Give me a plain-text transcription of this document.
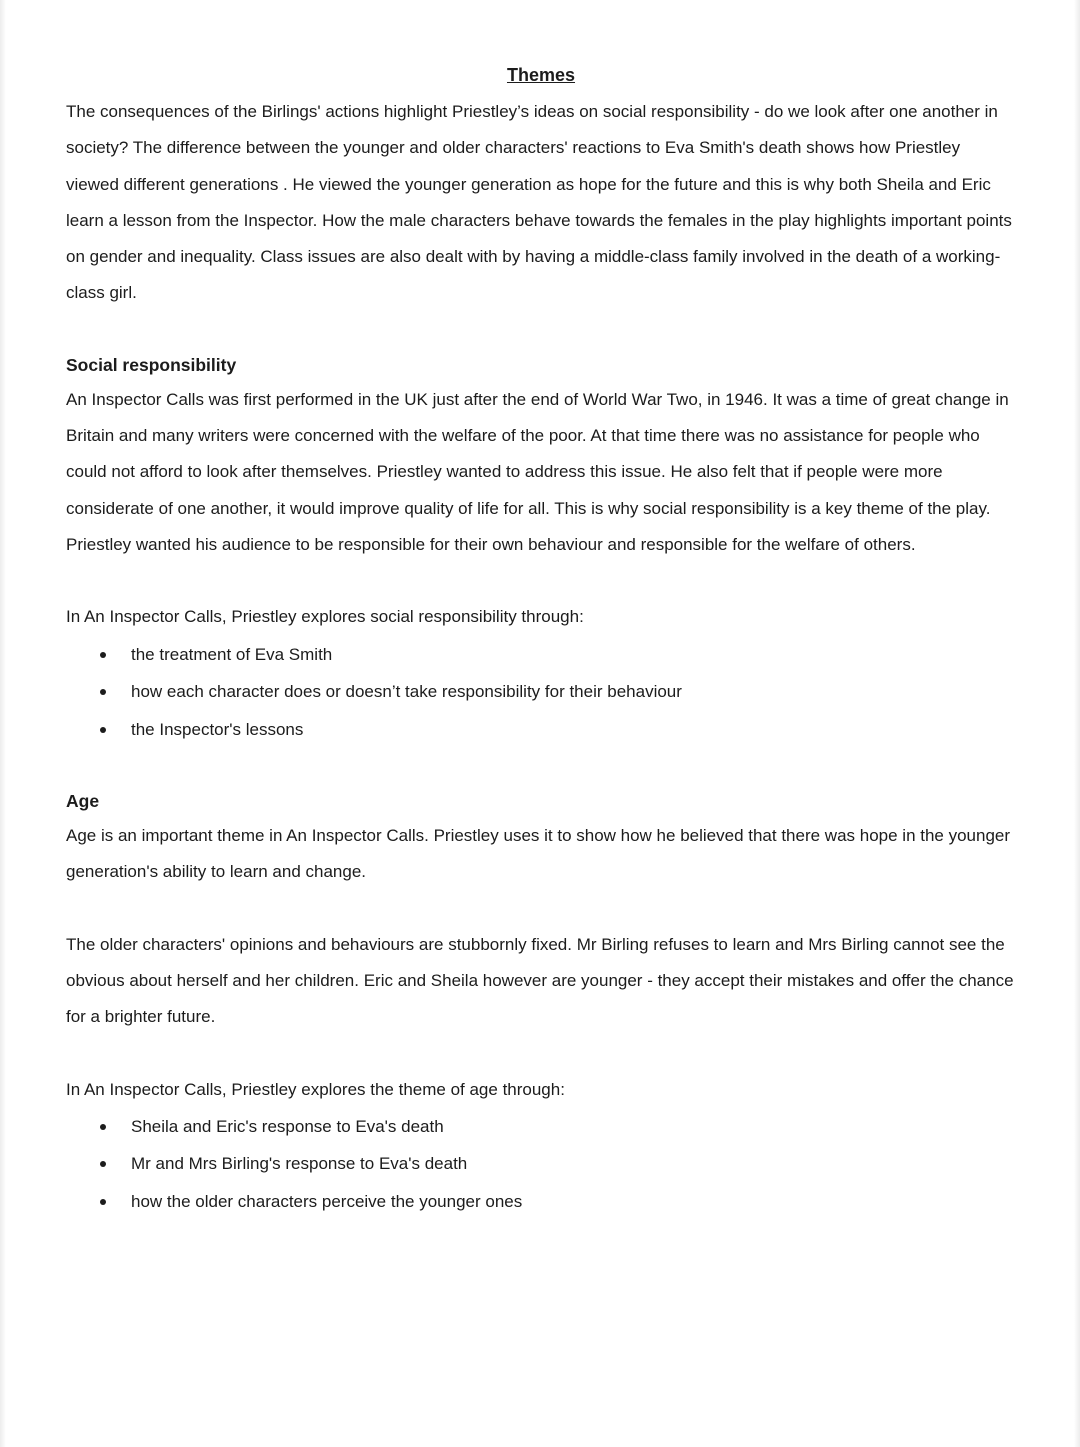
Themes

The consequences of the Birlings' actions highlight Priestley’s ideas on social responsibility - do we look after one another in society? The difference between the younger and older characters' reactions to Eva Smith's death shows how Priestley viewed different generations . He viewed the younger generation as hope for the future and this is why both Sheila and Eric learn a lesson from the Inspector. How the male characters behave towards the females in the play highlights important points on gender and inequality. Class issues are also dealt with by having a middle-class family involved in the death of a working-class girl.

Social responsibility

An Inspector Calls was first performed in the UK just after the end of World War Two, in 1946. It was a time of great change in Britain and many writers were concerned with the welfare of the poor. At that time there was no assistance for people who could not afford to look after themselves. Priestley wanted to address this issue. He also felt that if people were more considerate of one another, it would improve quality of life for all. This is why social responsibility is a key theme of the play. Priestley wanted his audience to be responsible for their own behaviour and responsible for the welfare of others.

In An Inspector Calls, Priestley explores social responsibility through:

the treatment of Eva Smith
how each character does or doesn’t take responsibility for their behaviour
the Inspector's lessons
Age

Age is an important theme in An Inspector Calls. Priestley uses it to show how he believed that there was hope in the younger generation's ability to learn and change.

The older characters' opinions and behaviours are stubbornly fixed. Mr Birling refuses to learn and Mrs Birling cannot see the obvious about herself and her children. Eric and Sheila however are younger - they accept their mistakes and offer the chance for a brighter future.

In An Inspector Calls, Priestley explores the theme of age through:

Sheila and Eric's response to Eva's death
Mr and Mrs Birling's response to Eva's death
how the older characters perceive the younger ones
